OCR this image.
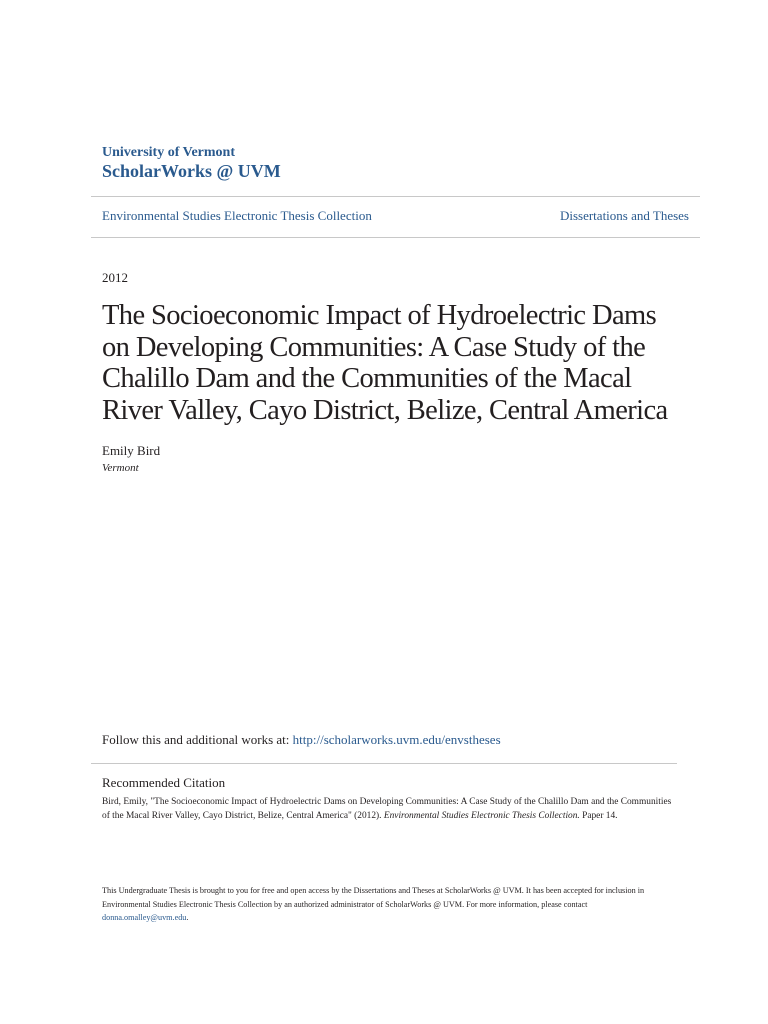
University of Vermont
ScholarWorks @ UVM
Environmental Studies Electronic Thesis Collection	Dissertations and Theses
2012
The Socioeconomic Impact of Hydroelectric Dams on Developing Communities: A Case Study of the Chalillo Dam and the Communities of the Macal River Valley, Cayo District, Belize, Central America
Emily Bird
Vermont
Follow this and additional works at: http://scholarworks.uvm.edu/envstheses
Recommended Citation
Bird, Emily, "The Socioeconomic Impact of Hydroelectric Dams on Developing Communities: A Case Study of the Chalillo Dam and the Communities of the Macal River Valley, Cayo District, Belize, Central America" (2012). Environmental Studies Electronic Thesis Collection. Paper 14.
This Undergraduate Thesis is brought to you for free and open access by the Dissertations and Theses at ScholarWorks @ UVM. It has been accepted for inclusion in Environmental Studies Electronic Thesis Collection by an authorized administrator of ScholarWorks @ UVM. For more information, please contact donna.omalley@uvm.edu.
